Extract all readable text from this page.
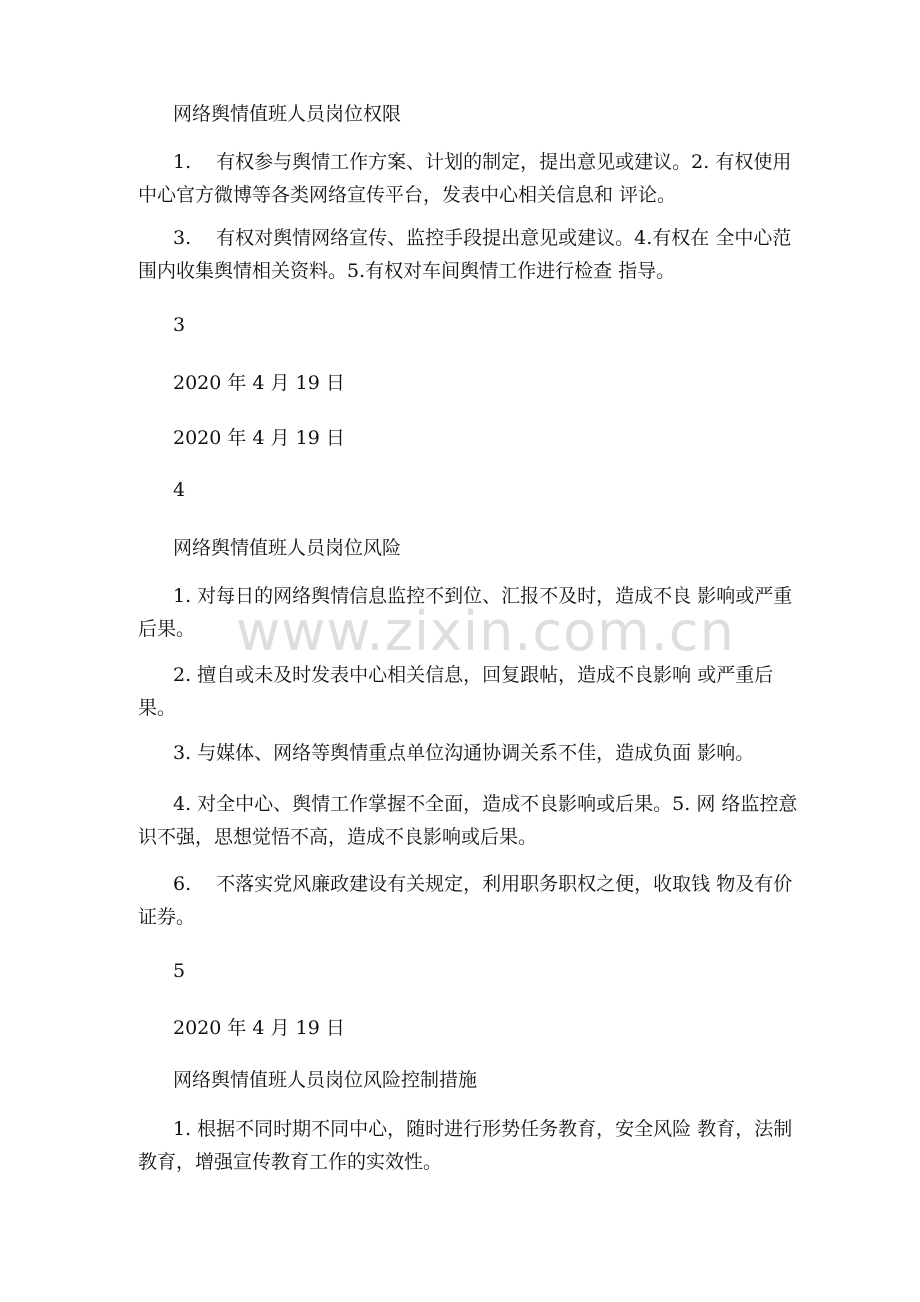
网络舆情值班人员岗位权限

1.　 有权参与舆情工作方案、计划的制定，提出意见或建议。2. 有权使用中心官方微博等各类网络宣传平台，发表中心相关信息和 评论。

3.　 有权对舆情网络宣传、监控手段提出意见或建议。4.有权在 全中心范围内收集舆情相关资料。5.有权对车间舆情工作进行检查 指导。

3

2020 年 4 月 19 日

2020 年 4 月 19 日

4

网络舆情值班人员岗位风险

1. 对每日的网络舆情信息监控不到位、汇报不及时，造成不良 影响或严重后果。

2. 擅自或未及时发表中心相关信息，回复跟帖，造成不良影响 或严重后果。

3. 与媒体、网络等舆情重点单位沟通协调关系不佳，造成负面 影响。

4. 对全中心、舆情工作掌握不全面，造成不良影响或后果。5. 网 络监控意识不强，思想觉悟不高，造成不良影响或后果。

6.　 不落实党风廉政建设有关规定，利用职务职权之便，收取钱 物及有价证券。

5

2020 年 4 月 19 日

网络舆情值班人员岗位风险控制措施

1. 根据不同时期不同中心，随时进行形势任务教育，安全风险 教育，法制教育，增强宣传教育工作的实效性。

www.zixin.com.cn
